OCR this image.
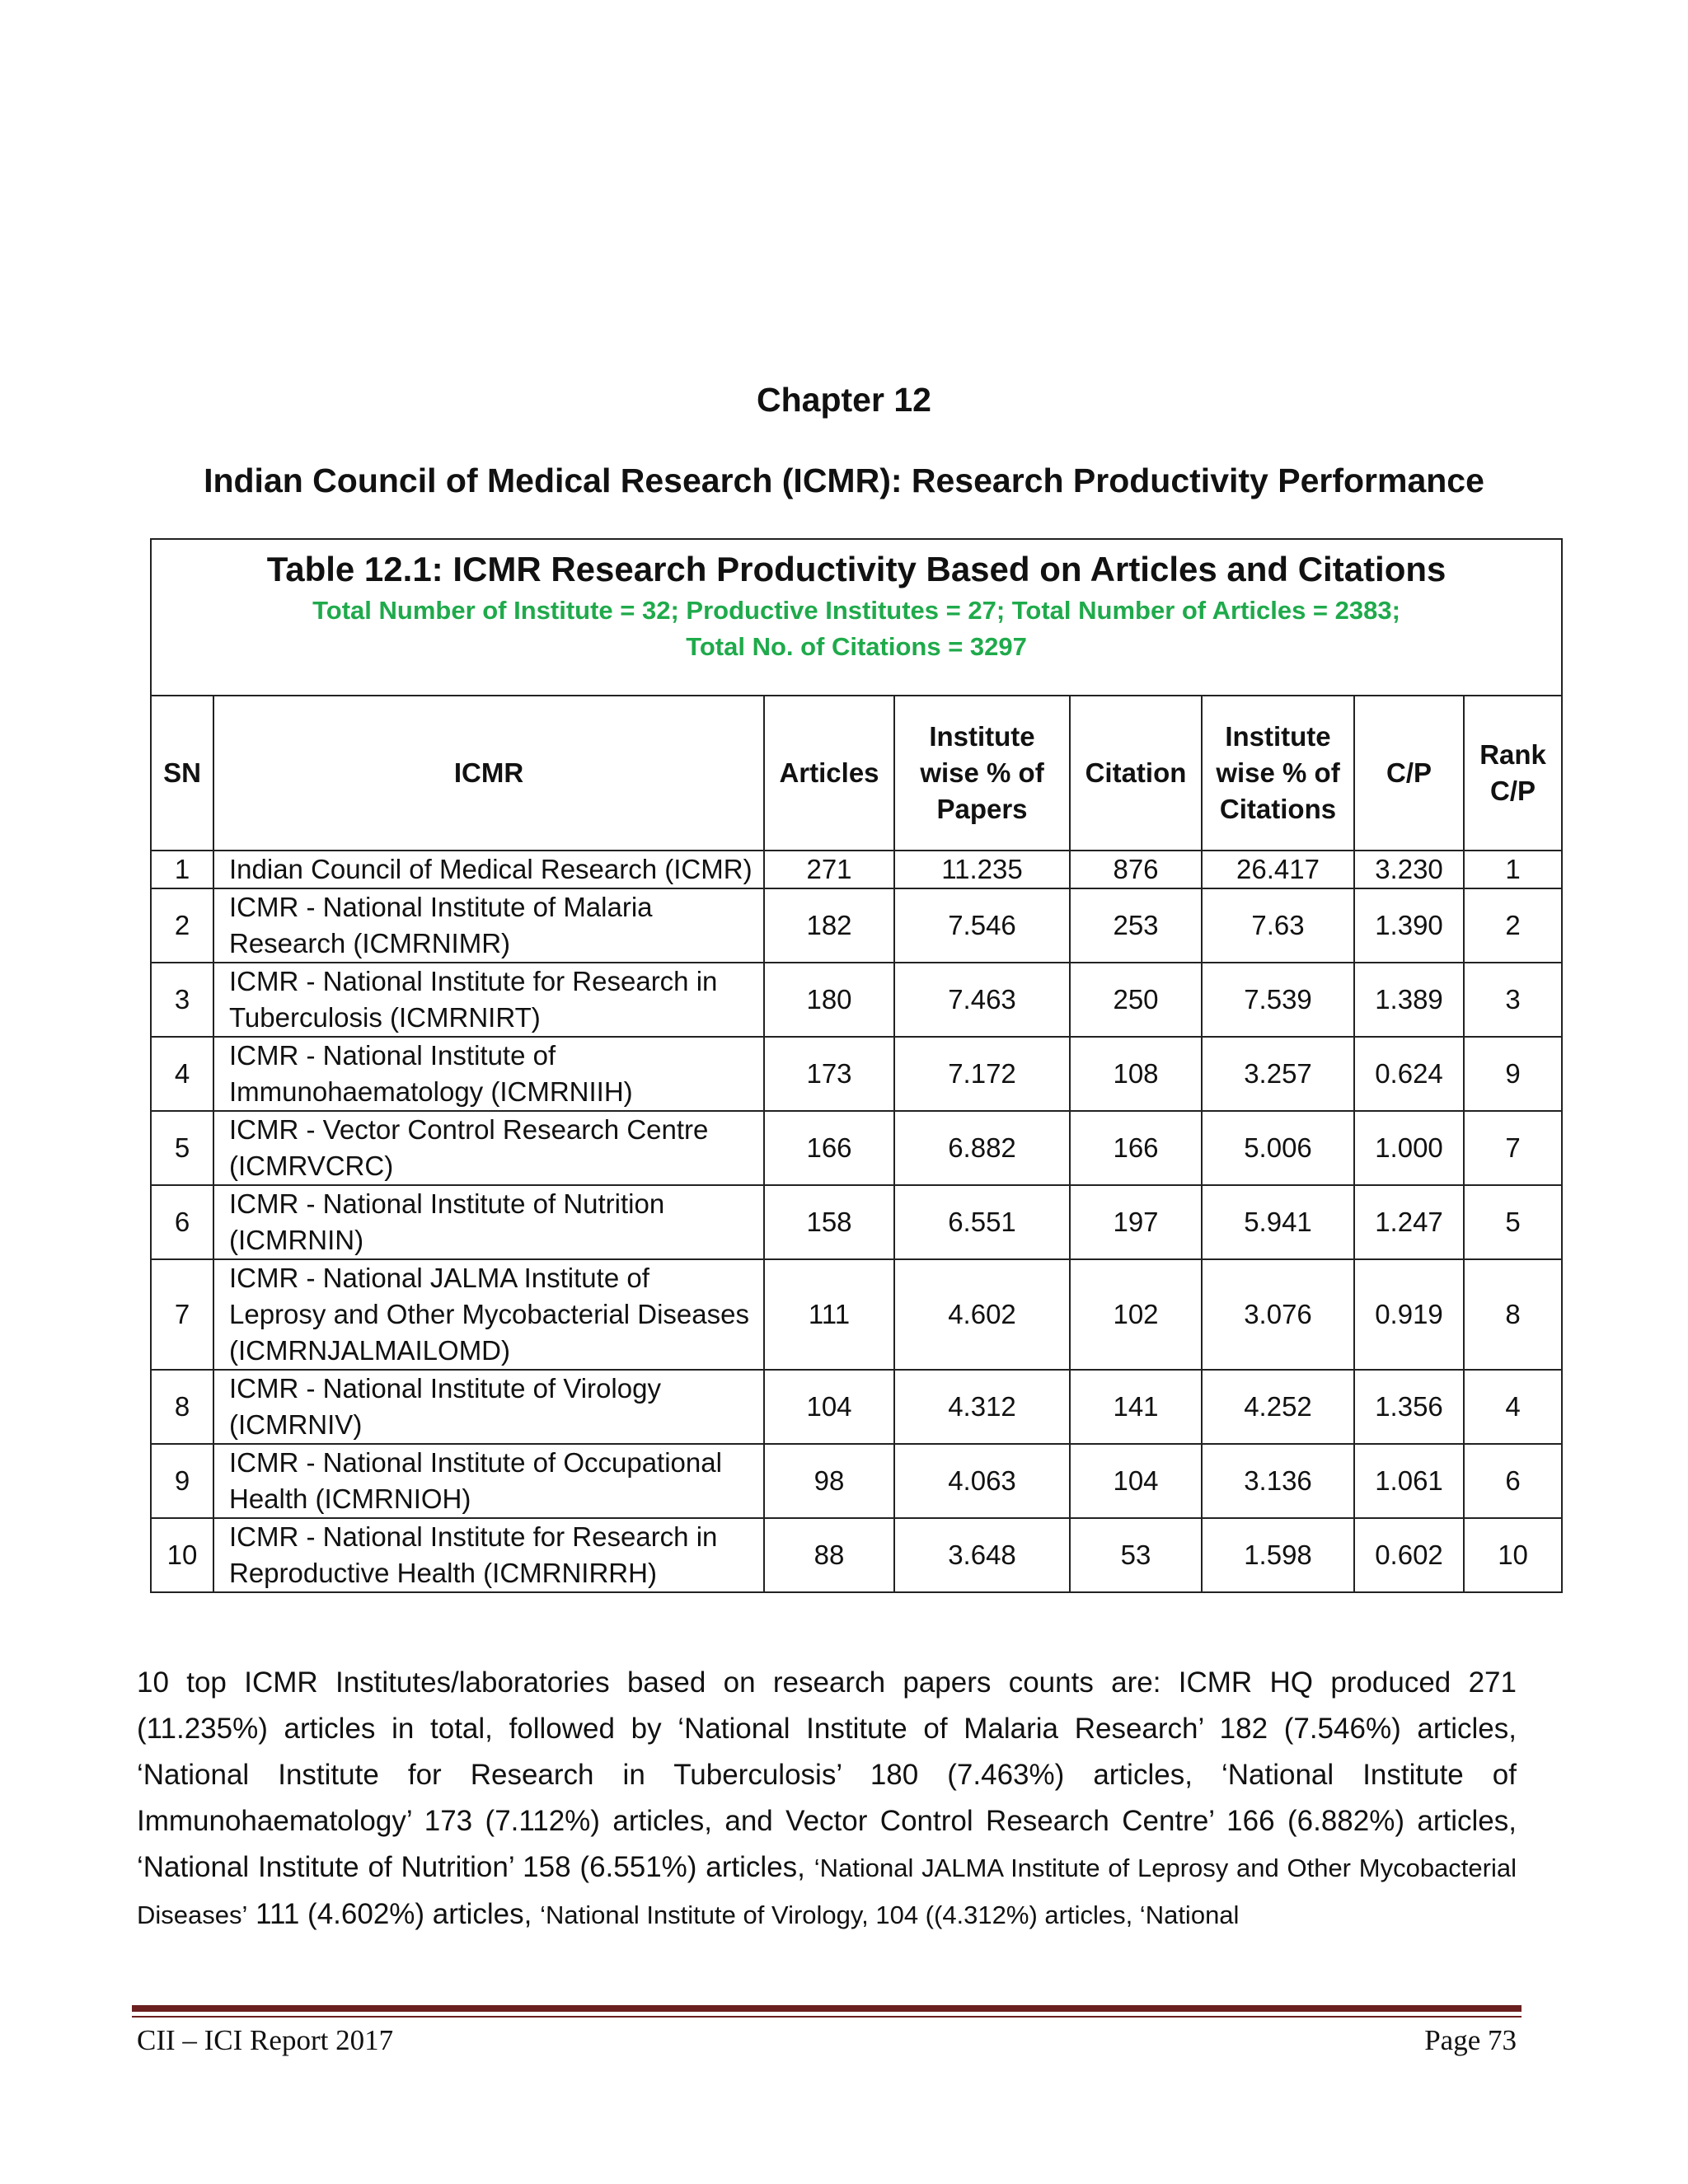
Chapter 12
Indian Council of Medical Research (ICMR): Research Productivity Performance
Table 12.1: ICMR Research Productivity Based on Articles and Citations
Total Number of Institute = 32; Productive Institutes = 27; Total Number of Articles = 2383;
Total No. of Citations = 3297							

SN	ICMR	Articles	Institute
wise % of
Papers	Citation	Institute
wise % of
Citations	C/P	Rank
C/P
1	Indian Council of Medical Research (ICMR)	271	11.235	876	26.417	3.230	1
2	ICMR - National Institute of Malaria
Research (ICMRNIMR)	182	7.546	253	7.63	1.390	2
3	ICMR - National Institute for Research in
Tuberculosis (ICMRNIRT)	180	7.463	250	7.539	1.389	3
4	ICMR - National Institute of
Immunohaematology (ICMRNIIH)	173	7.172	108	3.257	0.624	9
5	ICMR - Vector Control Research Centre
(ICMRVCRC)	166	6.882	166	5.006	1.000	7
6	ICMR - National Institute of Nutrition
(ICMRNIN)	158	6.551	197	5.941	1.247	5
7	ICMR - National JALMA Institute of
Leprosy and Other Mycobacterial Diseases
(ICMRNJALMAILOMD)	111	4.602	102	3.076	0.919	8
8	ICMR - National Institute of Virology
(ICMRNIV)	104	4.312	141	4.252	1.356	4
9	ICMR - National Institute of Occupational
Health (ICMRNIOH)	98	4.063	104	3.136	1.061	6
10	ICMR - National Institute for Research in
Reproductive Health (ICMRNIRRH)	88	3.648	53	1.598	0.602	10

10 top ICMR Institutes/laboratories based on research papers counts are: ICMR HQ produced 271 (11.235%) articles in total, followed by ‘National Institute of Malaria Research’ 182 (7.546%) articles, ‘National Institute for Research in Tuberculosis’ 180 (7.463%) articles, ‘National Institute of Immunohaematology’ 173 (7.112%) articles, and Vector Control Research Centre’ 166 (6.882%) articles, ‘National Institute of Nutrition’ 158 (6.551%) articles, ‘National JALMA Institute of Leprosy and Other Mycobacterial Diseases’ 111 (4.602%) articles, ‘National Institute of Virology, 104 ((4.312%) articles, ‘National

CII – ICI Report 2017	Page 73
